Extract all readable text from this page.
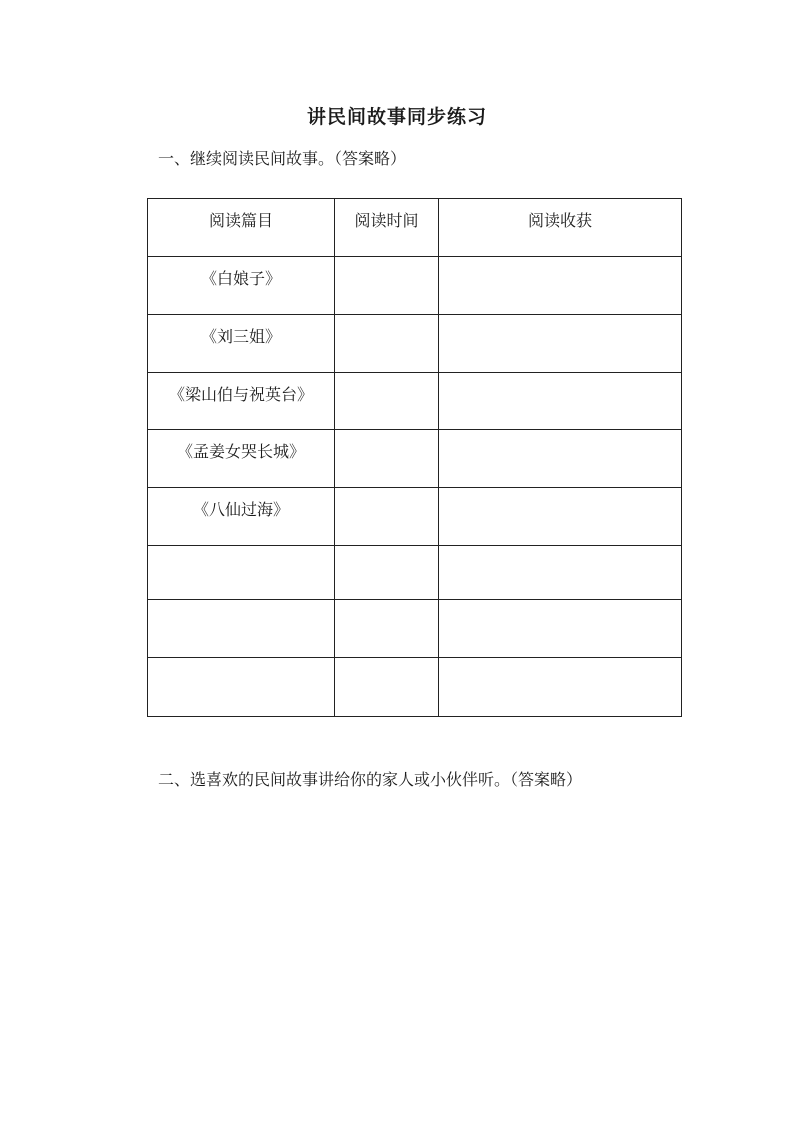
讲民间故事同步练习
一、继续阅读民间故事。（答案略）
阅读篇目	阅读时间	阅读收获
《白娘子》		
《刘三姐》		
《梁山伯与祝英台》		
《孟姜女哭长城》		
《八仙过海》		

二、选喜欢的民间故事讲给你的家人或小伙伴听。（答案略）
